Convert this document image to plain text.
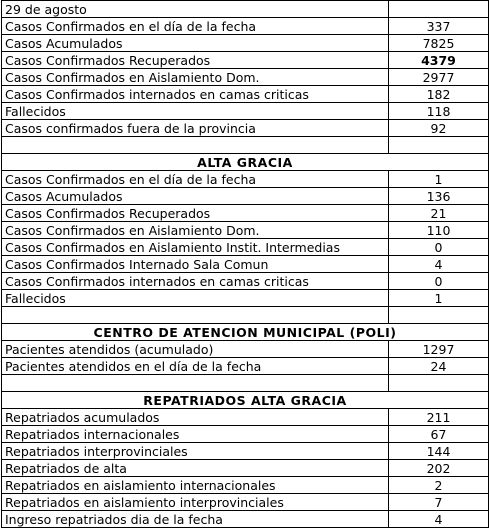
29 de agosto	
Casos Confirmados en el día de la fecha	337
Casos Acumulados	7825
Casos Confirmados Recuperados	4379
Casos Confirmados en Aislamiento Dom.	2977
Casos Confirmados internados en camas criticas	182
Fallecidos	118
Casos confirmados fuera de la provincia	92

ALTA GRACIA	
Casos Confirmados en el día de la fecha	1
Casos Acumulados	136
Casos Confirmados Recuperados	21
Casos Confirmados en Aislamiento Dom.	110
Casos Confirmados en Aislamiento Instit. Intermedias	0
Casos Confirmados Internado Sala Comun	4
Casos Confirmados internados en camas criticas	0
Fallecidos	1

CENTRO DE ATENCION MUNICIPAL (POLI)	
Pacientes atendidos (acumulado)	1297
Pacientes atendidos en el día de la fecha	24

REPATRIADOS ALTA GRACIA	
Repatriados acumulados	211
Repatriados internacionales	67
Repatriados interprovinciales	144
Repatriados de alta	202
Repatriados en aislamiento internacionales	2
Repatriados en aislamiento interprovinciales	7
Ingreso repatriados dia de la fecha	4
